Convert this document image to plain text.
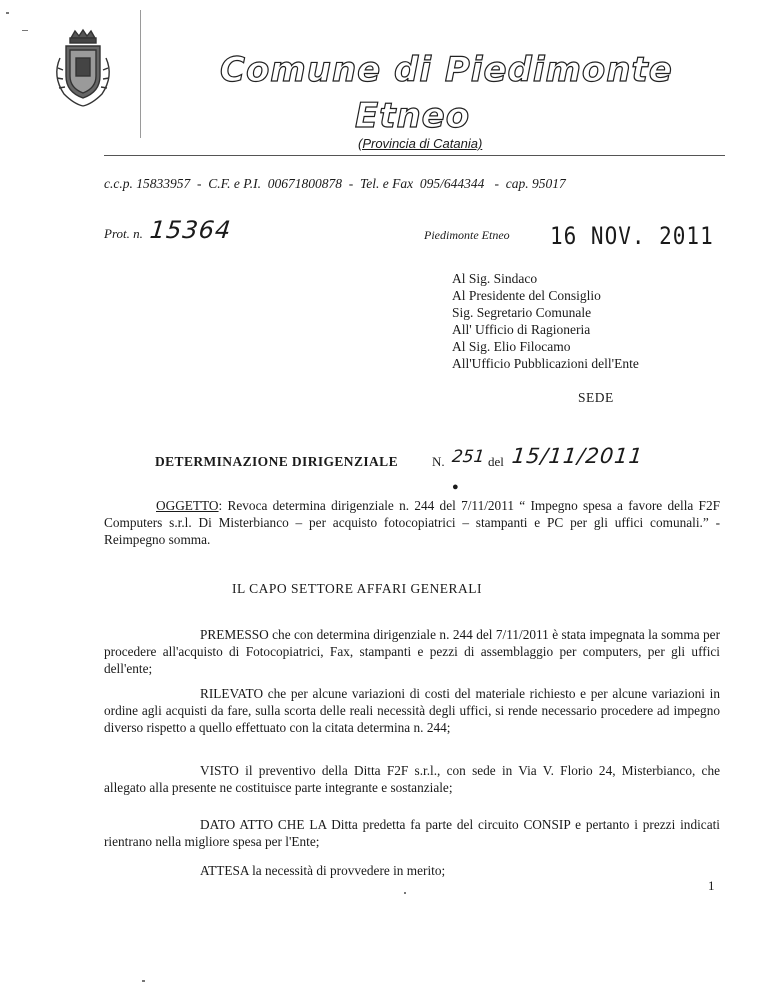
Comune di Piedimonte
Etneo
(Provincia di Catania)
c.c.p. 15833957  -  C.F. e P.I.  00671800878  -  Tel. e Fax  095/644344   -  cap. 95017
Prot. n. 15364	Piedimonte Etneo 16 NOV. 2011
Al Sig. Sindaco
Al Presidente del Consiglio
Sig. Segretario Comunale
All' Ufficio di Ragioneria
Al Sig. Elio Filocamo
All'Ufficio Pubblicazioni dell'Ente
SEDE
DETERMINAZIONE DIRIGENZIALE	N. 251 del 15/11/2011
●
OGGETTO: Revoca determina dirigenziale n. 244 del 7/11/2011 “ Impegno spesa a favore della F2F Computers s.r.l. Di Misterbianco – per acquisto fotocopiatrici – stampanti e PC per gli uffici comunali.” - Reimpegno somma.
IL CAPO SETTORE AFFARI GENERALI
PREMESSO che con determina dirigenziale n. 244 del 7/11/2011 è stata impegnata la somma per procedere all'acquisto di Fotocopiatrici, Fax, stampanti e pezzi di assemblaggio per computers, per gli uffici dell'ente;
RILEVATO che per alcune variazioni di costi del materiale richiesto e per alcune variazioni in ordine agli acquisti da fare, sulla scorta delle reali necessità degli uffici, si rende necessario procedere ad impegno diverso rispetto a quello effettuato con la citata determina n. 244;
VISTO il preventivo della Ditta F2F s.r.l., con sede in Via V. Florio 24, Misterbianco, che allegato alla presente ne costituisce parte integrante e sostanziale;
DATO ATTO CHE LA Ditta predetta fa parte del circuito CONSIP e pertanto i prezzi indicati rientrano nella migliore spesa per l'Ente;
ATTESA la necessità di provvedere in merito;
1
